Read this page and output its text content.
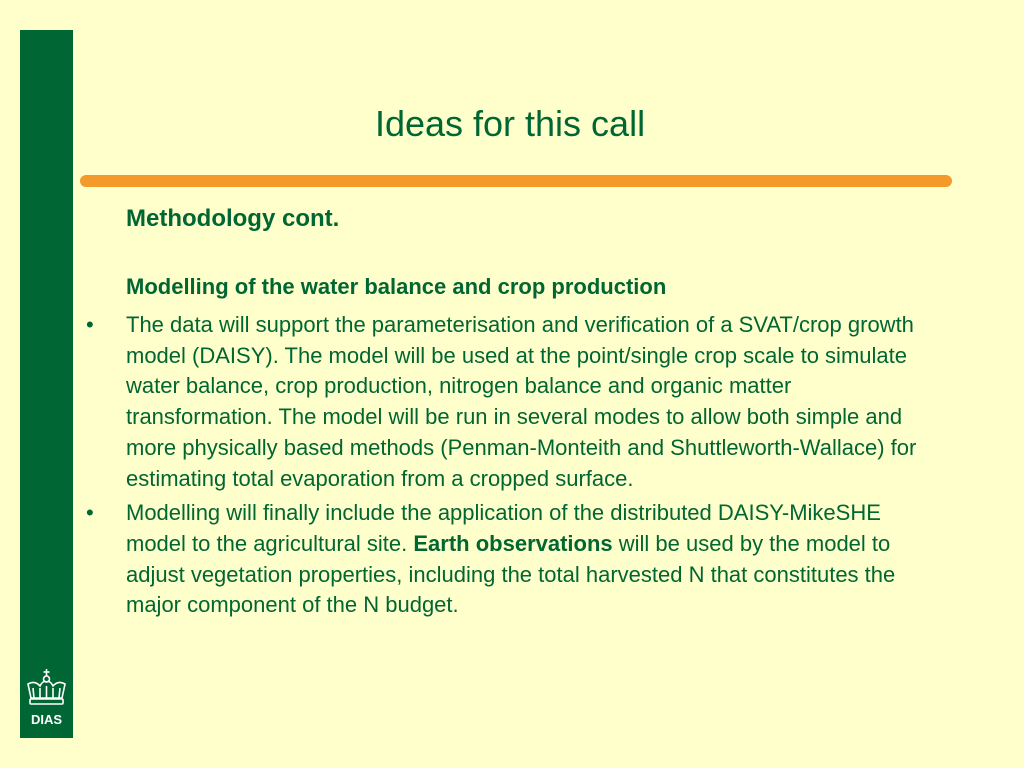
DIAS
Ideas for this call
Methodology cont.
Modelling of the water balance and crop production
• The data will support the parameterisation and verification of a SVAT/crop growth model (DAISY). The model will be used at the point/single crop scale to simulate water balance, crop production, nitrogen balance and organic matter transformation. The model will be run in several modes to allow both simple and more physically based methods (Penman-Monteith and Shuttleworth-Wallace) for estimating total evaporation from a cropped surface.
• Modelling will finally include the application of the distributed DAISY-MikeSHE model to the agricultural site. Earth observations will be used by the model to adjust vegetation properties, including the total harvested N that constitutes the major component of the N budget.
